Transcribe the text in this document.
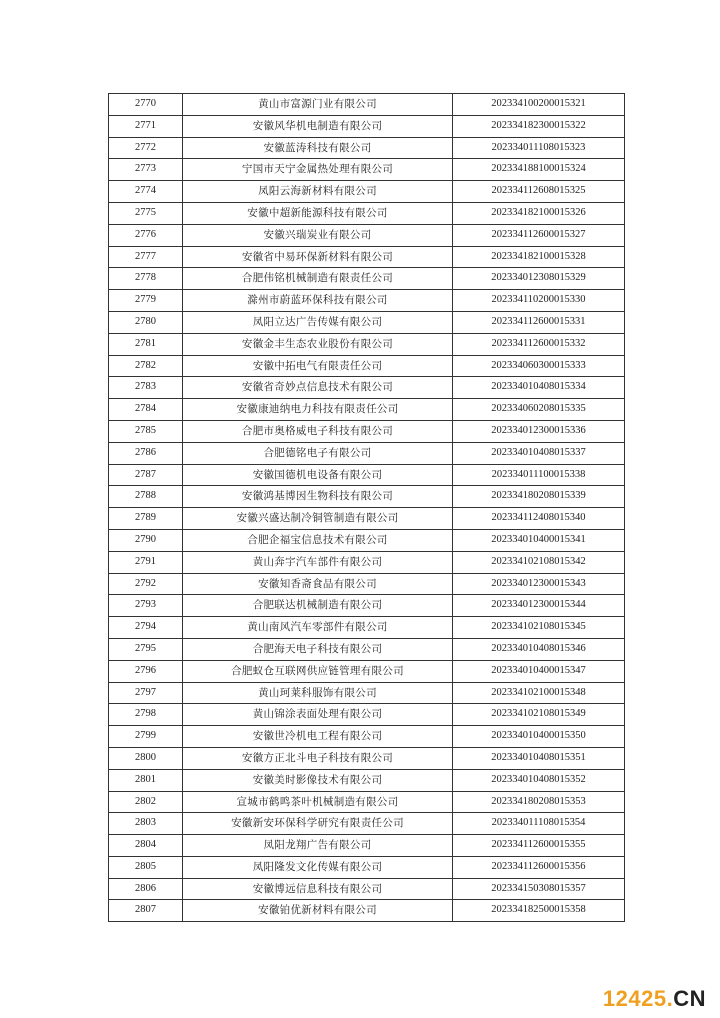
2770	黄山市富源门业有限公司	202334100200015321
2771	安徽风华机电制造有限公司	202334182300015322
2772	安徽蓝涛科技有限公司	202334011108015323
2773	宁国市天宁金属热处理有限公司	202334188100015324
2774	凤阳云海新材料有限公司	202334112608015325
2775	安徽中超新能源科技有限公司	202334182100015326
2776	安徽兴瑞炭业有限公司	202334112600015327
2777	安徽省中易环保新材料有限公司	202334182100015328
2778	合肥伟铭机械制造有限责任公司	202334012308015329
2779	滁州市蔚蓝环保科技有限公司	202334110200015330
2780	凤阳立达广告传媒有限公司	202334112600015331
2781	安徽金丰生态农业股份有限公司	202334112600015332
2782	安徽中拓电气有限责任公司	202334060300015333
2783	安徽省奇妙点信息技术有限公司	202334010408015334
2784	安徽康迪纳电力科技有限责任公司	202334060208015335
2785	合肥市奥格威电子科技有限公司	202334012300015336
2786	合肥德铭电子有限公司	202334010408015337
2787	安徽国德机电设备有限公司	202334011100015338
2788	安徽鸿基博因生物科技有限公司	202334180208015339
2789	安徽兴盛达制冷铜管制造有限公司	202334112408015340
2790	合肥企福宝信息技术有限公司	202334010400015341
2791	黄山奔宇汽车部件有限公司	202334102108015342
2792	安徽知香斋食品有限公司	202334012300015343
2793	合肥联达机械制造有限公司	202334012300015344
2794	黄山南风汽车零部件有限公司	202334102108015345
2795	合肥海天电子科技有限公司	202334010408015346
2796	合肥蚁仓互联网供应链管理有限公司	202334010400015347
2797	黄山珂莱科服饰有限公司	202334102100015348
2798	黄山锦涂表面处理有限公司	202334102108015349
2799	安徽世冷机电工程有限公司	202334010400015350
2800	安徽方正北斗电子科技有限公司	202334010408015351
2801	安徽美时影像技术有限公司	202334010408015352
2802	宣城市鹤鸣茶叶机械制造有限公司	202334180208015353
2803	安徽新安环保科学研究有限责任公司	202334011108015354
2804	凤阳龙翔广告有限公司	202334112600015355
2805	凤阳隆发文化传媒有限公司	202334112600015356
2806	安徽博远信息科技有限公司	202334150308015357
2807	安徽铂优新材料有限公司	202334182500015358
12425.CN
